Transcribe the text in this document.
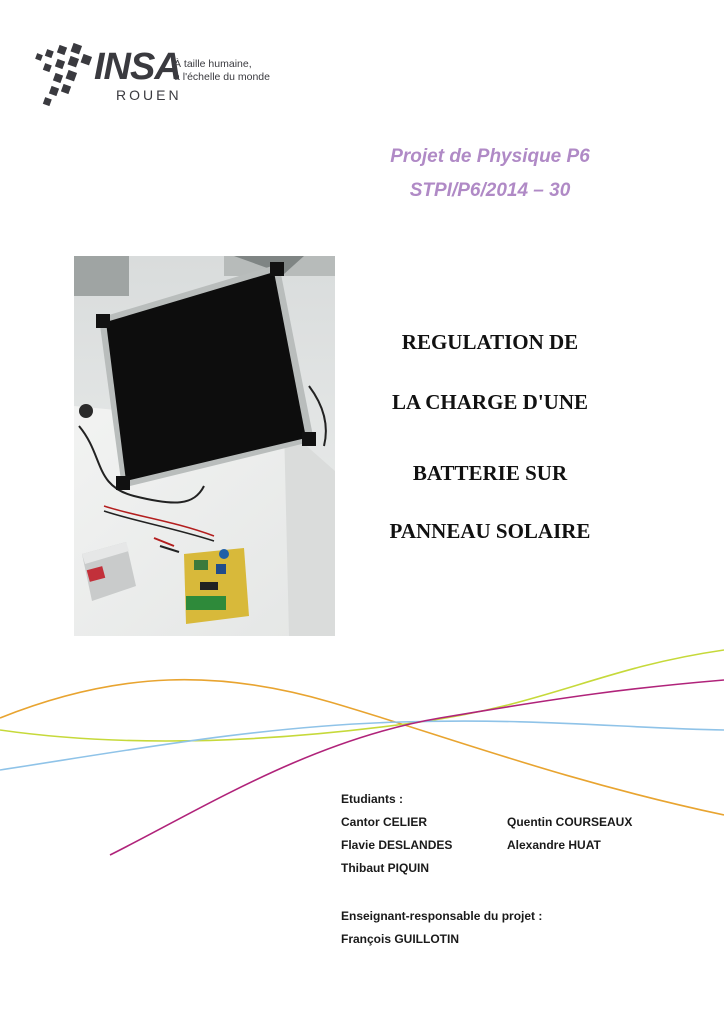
INSA
ROUEN
À taille humaine,
à l'échelle du monde
Projet de Physique P6
STPI/P6/2014 – 30
REGULATION DE
LA CHARGE D'UNE
BATTERIE SUR
PANNEAU SOLAIRE
Etudiants :
Cantor CELIER
Flavie DESLANDES
Thibaut PIQUIN
Quentin COURSEAUX
Alexandre HUAT
Enseignant-responsable du projet :
François GUILLOTIN
